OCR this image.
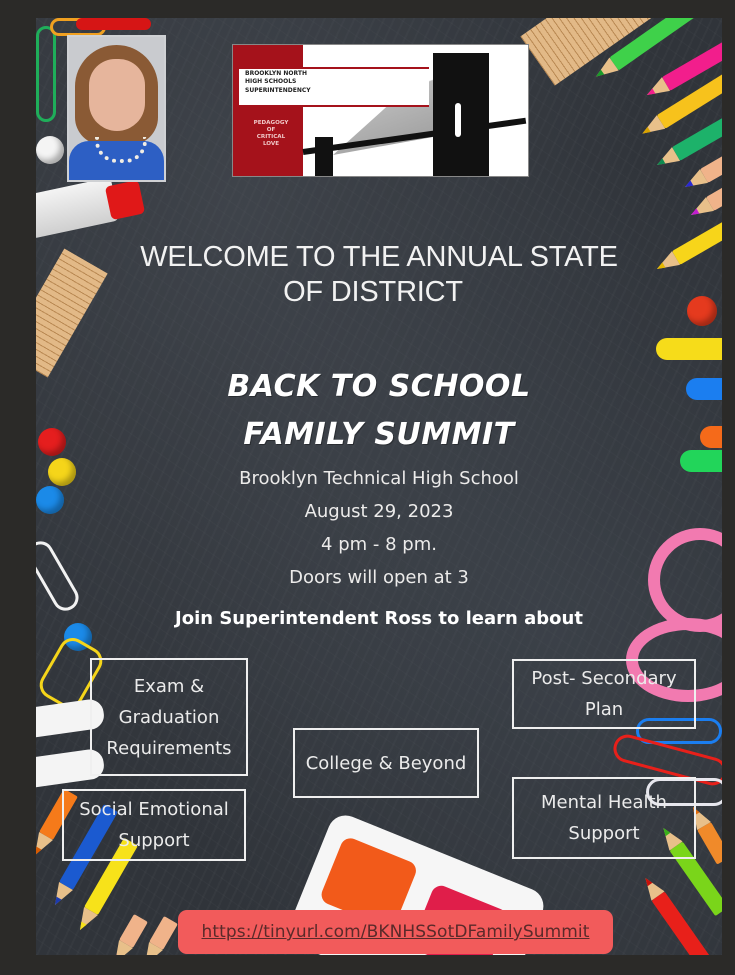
BROOKLYN NORTH
HIGH SCHOOLS
SUPERINTENDENCY
PEDAGOGY
OF
CRITICAL
LOVE
WELCOME TO THE ANNUAL STATE
OF DISTRICT
BACK TO SCHOOL
FAMILY SUMMIT
Brooklyn Technical High School
August 29, 2023
4 pm - 8 pm.
Doors will open at 3
Join Superintendent Ross to learn about
Exam &
Graduation
Requirements
Post- Secondary
Plan
College & Beyond
Social Emotional
Support
Mental Health
Support
https://tinyurl.com/BKNHSSotDFamilySummit
